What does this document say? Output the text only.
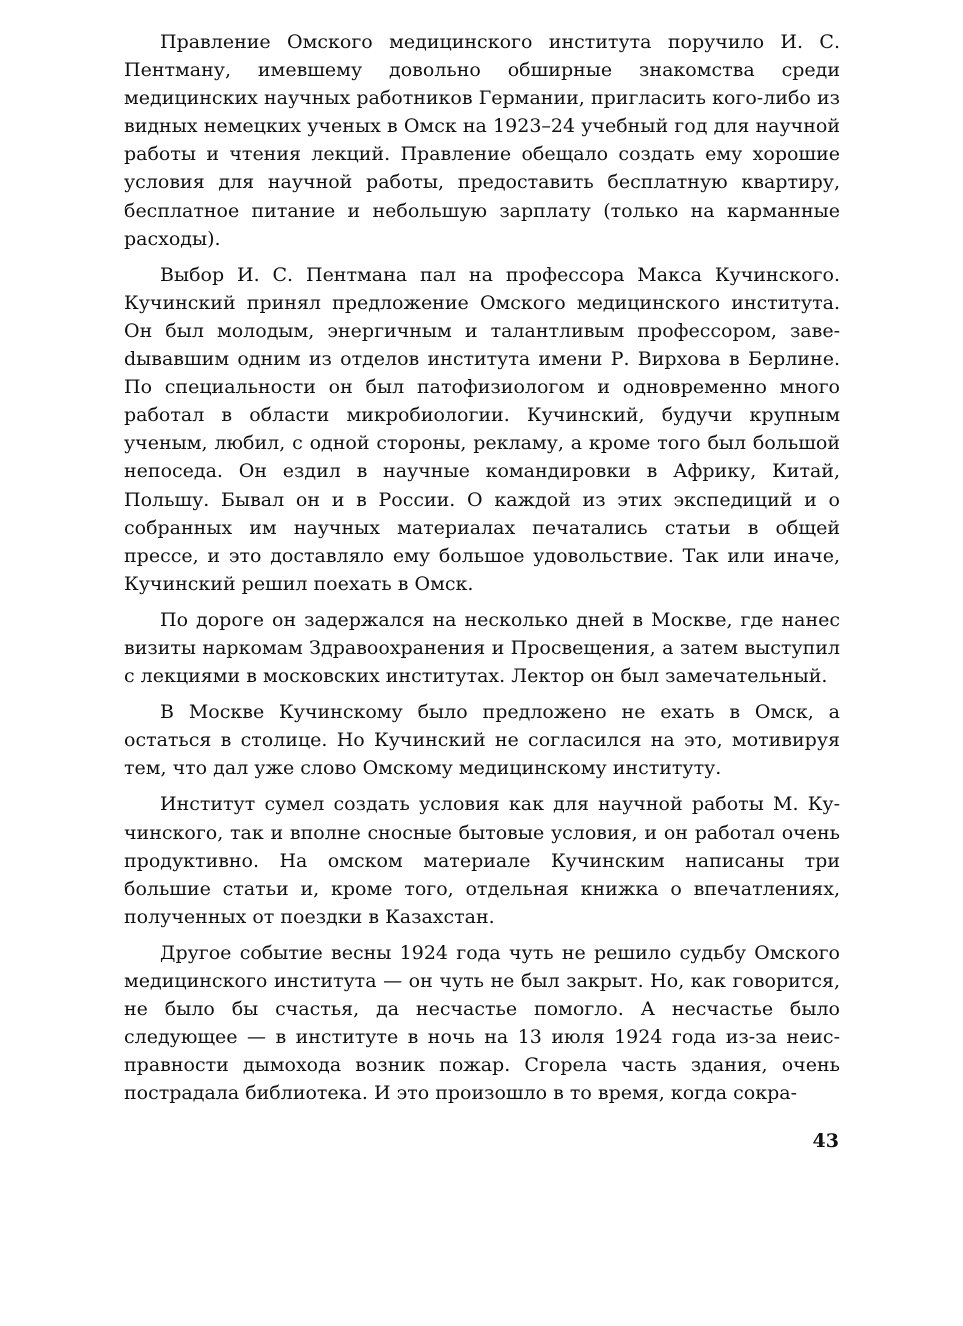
Правление Омского медицинского института поручило И. С. Пентману, имевшему довольно обширные знакомства среди медицинских научных работников Германии, пригласить кого-либо из видных немецких ученых в Омск на 1923–24 учебный год для научной работы и чтения лекций. Правление обещало создать ему хорошие условия для научной работы, предоставить бесплатную квартиру, бесплатное питание и небольшую зарплату (только на карманные расходы).

Выбор И. С. Пентмана пал на профессора Макса Кучинского. Кучинский принял предложение Омского медицинского института. Он был молодым, энергичным и талантливым профессором, завеdывавшим одним из отделов института имени Р. Вирхова в Берлине. По специальности он был патофизиологом и одновременно много работал в области микробиологии. Кучинский, будучи крупным ученым, любил, с одной стороны, рекламу, а кроме того был большой непоседа. Он ездил в научные командировки в Африку, Китай, Польшу. Бывал он и в России. О каждой из этих экспедиций и о собранных им научных материалах печатались статьи в общей прессе, и это доставляло ему большое удовольствие. Так или иначе, Кучинский решил поехать в Омск.

По дороге он задержался на несколько дней в Москве, где нанес визиты наркомам Здравоохранения и Просвещения, а затем выступил с лекциями в московских институтах. Лектор он был замечательный.

В Москве Кучинскому было предложено не ехать в Омск, а остаться в столице. Но Кучинский не согласился на это, мотивируя тем, что дал уже слово Омскому медицинскому институту.

Институт сумел создать условия как для научной работы М. Кучинского, так и вполне сносные бытовые условия, и он работал очень продуктивно. На омском материале Кучинским написаны три большие статьи и, кроме того, отдельная книжка о впечатлениях, полученных от поездки в Казахстан.

Другое событие весны 1924 года чуть не решило судьбу Омского медицинского института — он чуть не был закрыт. Но, как говорится, не было бы счастья, да несчастье помогло. А несчастье было следующее — в институте в ночь на 13 июля 1924 года из-за неисправности дымохода возник пожар. Сгорела часть здания, очень пострадала библиотека. И это произошло в то время, когда сокра-

43
